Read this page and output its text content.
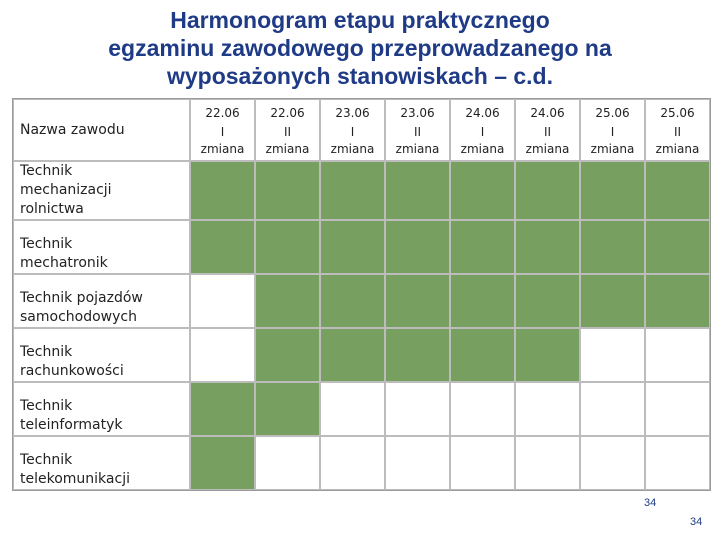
Harmonogram etapu praktycznego
egzaminu zawodowego przeprowadzanego na
wyposażonych stanowiskach – c.d.
Nazwa zawodu	22.06
I
zmiana	22.06
II
zmiana	23.06
I
zmiana	23.06
II
zmiana	24.06
I
zmiana	24.06
II
zmiana	25.06
I
zmiana	25.06
II
zmiana

Technik
mechanizacji
rolnictwa								

Technik
mechatronik								

Technik pojazdów
samochodowych								

Technik
rachunkowości								

Technik
teleinformatyk								

Technik
telekomunikacji								

34
34
